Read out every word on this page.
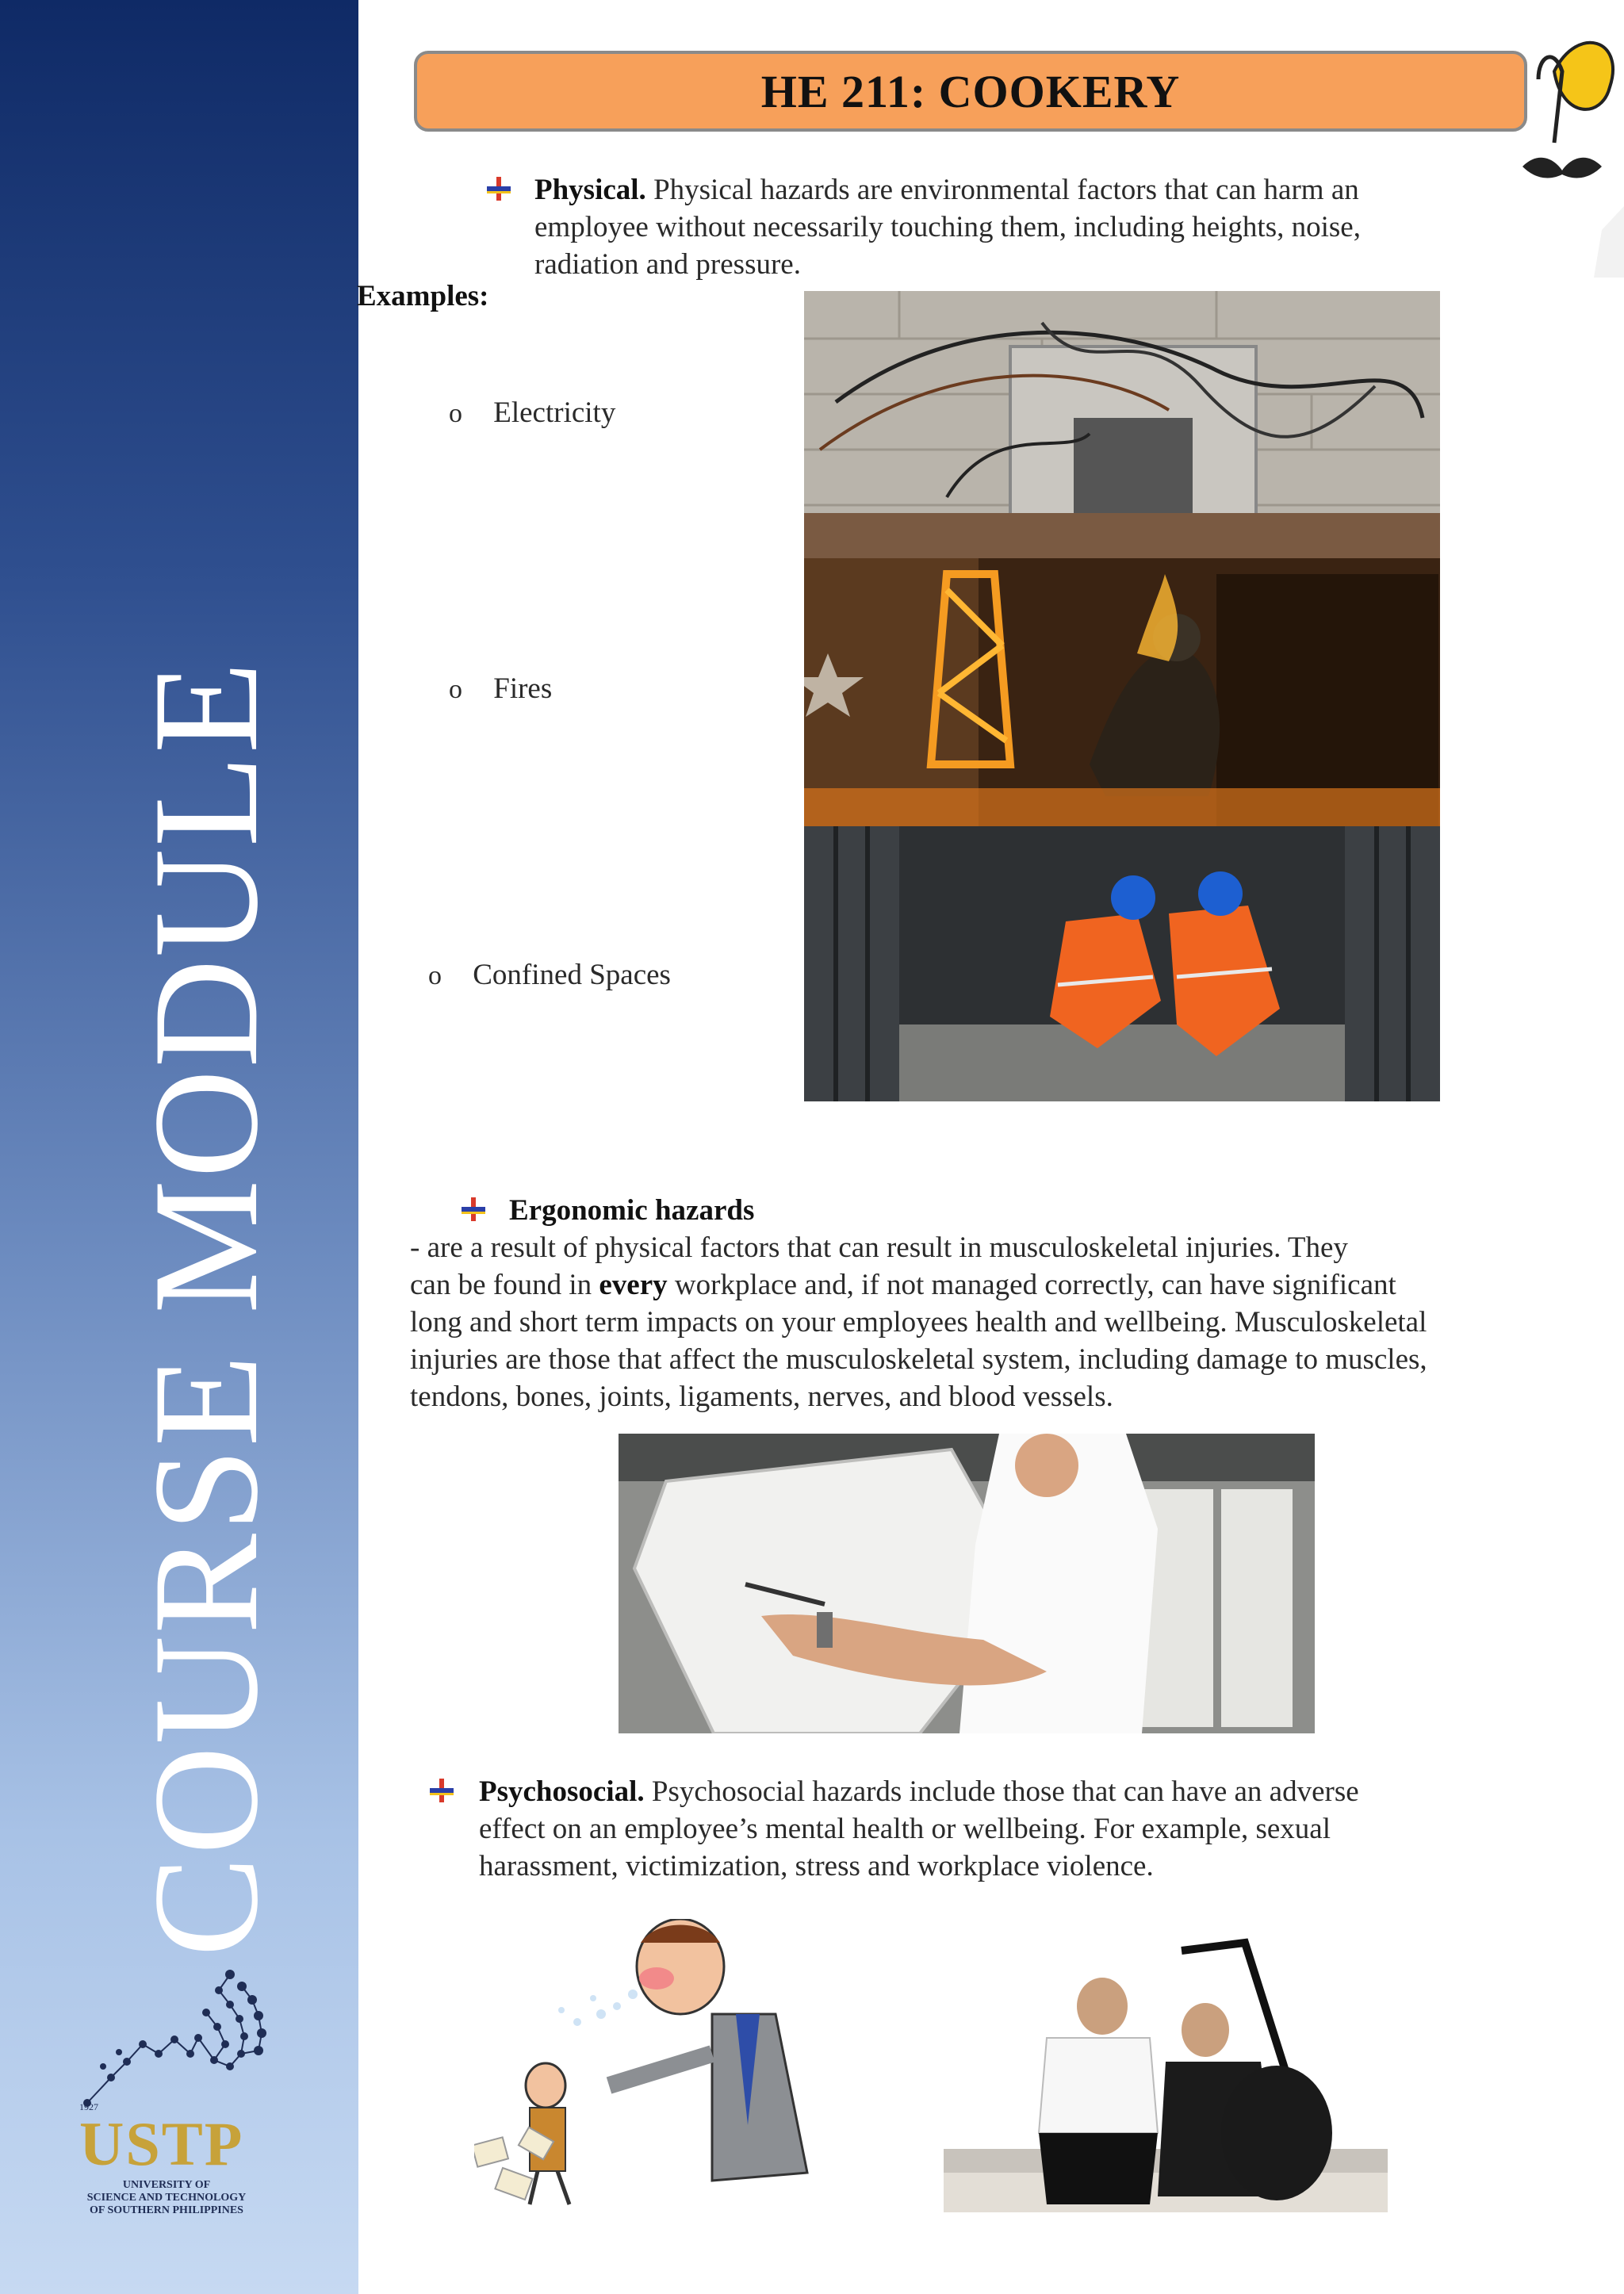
COURSE MODULE
USTP
UNIVERSITY OF
SCIENCE AND TECHNOLOGY
OF SOUTHERN PHILIPPINES
1927
HE 211: COOKERY
Physical. Physical hazards are environmental factors that can harm an
employee without necessarily touching them, including heights, noise,
radiation and pressure.
Examples:
o Electricity
o Fires
o Confined Spaces
Ergonomic hazards
- are a result of physical factors that can result in musculoskeletal injuries. They
can be found in every workplace and, if not managed correctly, can have significant
long and short term impacts on your employees health and wellbeing. Musculoskeletal
injuries are those that affect the musculoskeletal system, including damage to muscles,
tendons, bones, joints, ligaments, nerves, and blood vessels.
Psychosocial. Psychosocial hazards include those that can have an adverse
effect on an employee’s mental health or wellbeing. For example, sexual
harassment, victimization, stress and workplace violence.
